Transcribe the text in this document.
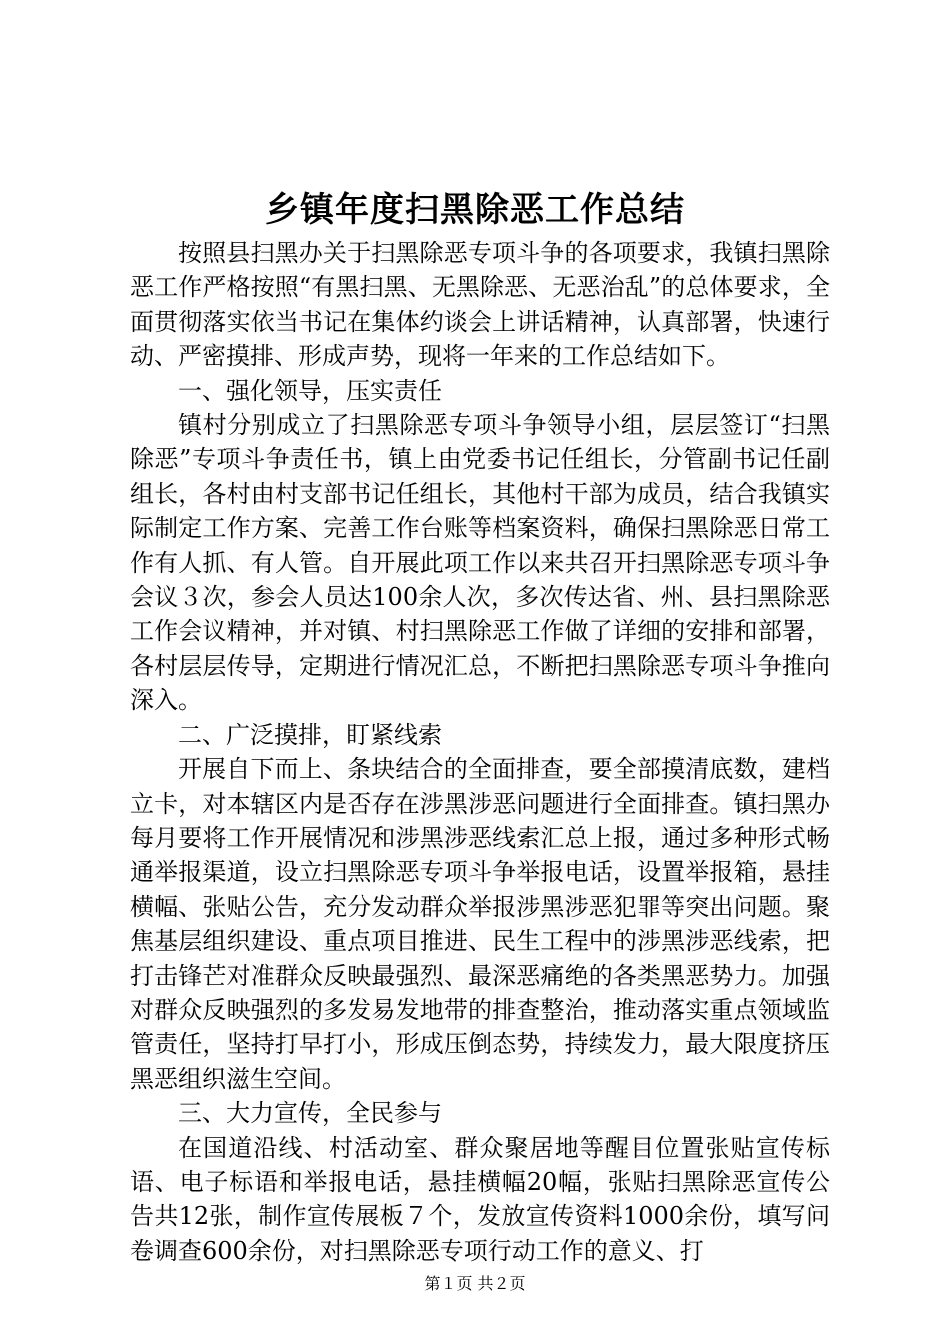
乡镇年度扫黑除恶工作总结

按照县扫黑办关于扫黑除恶专项斗争的各项要求，我镇扫黑除恶工作严格按照“有黑扫黑、无黑除恶、无恶治乱”的总体要求，全面贯彻落实依当书记在集体约谈会上讲话精神，认真部署，快速行动、严密摸排、形成声势，现将一年来的工作总结如下。

一、强化领导，压实责任

镇村分别成立了扫黑除恶专项斗争领导小组，层层签订“扫黑除恶”专项斗争责任书，镇上由党委书记任组长，分管副书记任副组长，各村由村支部书记任组长，其他村干部为成员，结合我镇实际制定工作方案、完善工作台账等档案资料，确保扫黑除恶日常工作有人抓、有人管。自开展此项工作以来共召开扫黑除恶专项斗争会议３次，参会人员达100余人次，多次传达省、州、县扫黑除恶工作会议精神，并对镇、村扫黑除恶工作做了详细的安排和部署，各村层层传导，定期进行情况汇总，不断把扫黑除恶专项斗争推向深入。

二、广泛摸排，盯紧线索

开展自下而上、条块结合的全面排查，要全部摸清底数，建档立卡，对本辖区内是否存在涉黑涉恶问题进行全面排查。镇扫黑办每月要将工作开展情况和涉黑涉恶线索汇总上报，通过多种形式畅通举报渠道，设立扫黑除恶专项斗争举报电话，设置举报箱，悬挂横幅、张贴公告，充分发动群众举报涉黑涉恶犯罪等突出问题。聚焦基层组织建设、重点项目推进、民生工程中的涉黑涉恶线索，把打击锋芒对准群众反映最强烈、最深恶痛绝的各类黑恶势力。加强对群众反映强烈的多发易发地带的排查整治，推动落实重点领域监管责任，坚持打早打小，形成压倒态势，持续发力，最大限度挤压黑恶组织滋生空间。

三、大力宣传，全民参与

在国道沿线、村活动室、群众聚居地等醒目位置张贴宣传标语、电子标语和举报电话，悬挂横幅20幅，张贴扫黑除恶宣传公告共12张，制作宣传展板７个，发放宣传资料1000余份，填写问卷调查600余份，对扫黑除恶专项行动工作的意义、打

第１页 共２页
